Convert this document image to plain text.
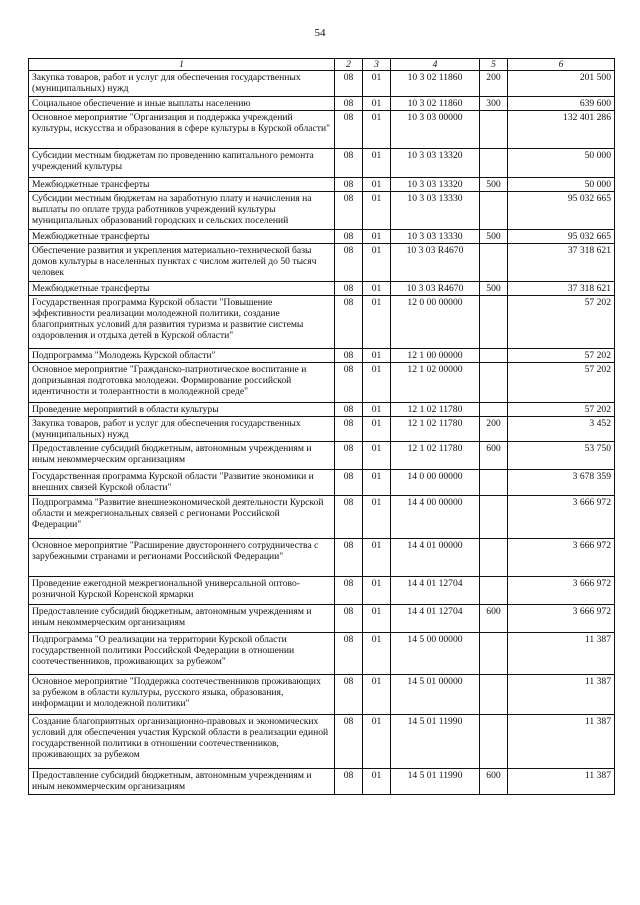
54
1	2	3	4	5	6
Закупка товаров, работ и услуг для обеспечения государственных (муниципальных) нужд	08	01	10 3 02 11860	200	201 500
Социальное обеспечение и иные выплаты населению	08	01	10 3 02 11860	300	639 600
Основное мероприятие "Организация и поддержка учреждений культуры, искусства и образования в сфере культуры в Курской области"	08	01	10 3 03 00000		132 401 286
Субсидии местным бюджетам по проведению капитального ремонта учреждений культуры	08	01	10 3 03 13320		50 000
Межбюджетные трансферты	08	01	10 3 03 13320	500	50 000
Субсидии местным бюджетам на заработную плату и начисления на выплаты по оплате труда работников учреждений культуры муниципальных образований городских и сельских поселений	08	01	10 3 03 13330		95 032 665
Межбюджетные трансферты	08	01	10 3 03 13330	500	95 032 665
Обеспечение развития и укрепления материально-технической базы домов культуры в населенных пунктах с числом жителей до 50 тысяч человек	08	01	10 3 03 R4670		37 318 621
Межбюджетные трансферты	08	01	10 3 03 R4670	500	37 318 621
Государственная программа Курской области "Повышение эффективности реализации молодежной политики, создание благоприятных условий для развития туризма и развитие системы оздоровления и отдыха детей в Курской области"	08	01	12 0 00 00000		57 202
Подпрограмма "Молодежь Курской области"	08	01	12 1 00 00000		57 202
Основное мероприятие "Гражданско-патриотическое воспитание и допризывная подготовка молодежи. Формирование российской идентичности и толерантности в молодежной среде"	08	01	12 1 02 00000		57 202
Проведение мероприятий в области культуры	08	01	12 1 02 11780		57 202
Закупка товаров, работ и услуг для обеспечения государственных (муниципальных) нужд	08	01	12 1 02 11780	200	3 452
Предоставление субсидий бюджетным, автономным учреждениям и иным некоммерческим организациям	08	01	12 1 02 11780	600	53 750
Государственная программа Курской области "Развитие экономики и внешних связей Курской области"	08	01	14 0 00 00000		3 678 359
Подпрограмма "Развитие внешнеэкономической деятельности Курской области и межрегиональных связей с регионами Российской Федерации"	08	01	14 4 00 00000		3 666 972
Основное мероприятие "Расширение двустороннего сотрудничества с зарубежными странами и регионами Российской Федерации"	08	01	14 4 01 00000		3 666 972
Проведение ежегодной межрегиональной универсальной оптово-розничной Курской Коренской ярмарки	08	01	14 4 01 12704		3 666 972
Предоставление субсидий бюджетным, автономным учреждениям и иным некоммерческим организациям	08	01	14 4 01 12704	600	3 666 972
Подпрограмма "О реализации на территории Курской области государственной политики Российской Федерации в отношении соотечественников, проживающих за рубежом"	08	01	14 5 00 00000		11 387
Основное мероприятие "Поддержка соотечественников проживающих за рубежом в области культуры, русского языка, образования, информации и молодежной политики"	08	01	14 5 01 00000		11 387
Создание благоприятных организационно-правовых и экономических условий для обеспечения участия Курской области в реализации единой государственной политики в отношении соотечественников, проживающих за рубежом	08	01	14 5 01 11990		11 387
Предоставление субсидий бюджетным, автономным учреждениям и иным некоммерческим организациям	08	01	14 5 01 11990	600	11 387
